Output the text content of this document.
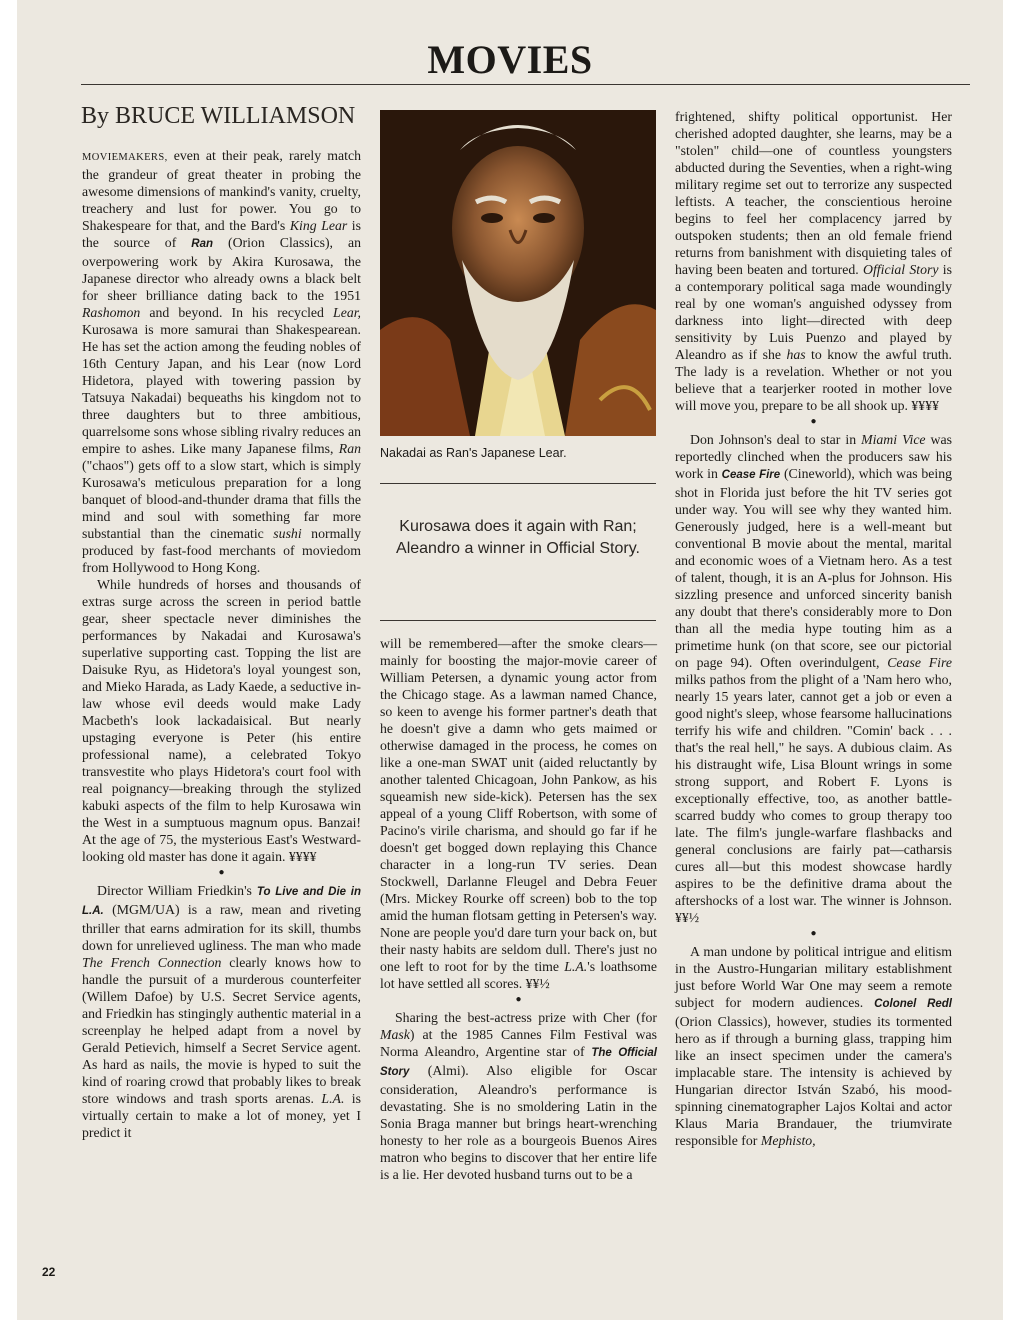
MOVIES
By BRUCE WILLIAMSON

MOVIEMAKERS, even at their peak, rarely match the grandeur of great theater in probing the awesome dimensions of mankind's vanity, cruelty, treachery and lust for power. You go to Shakespeare for that, and the Bard's King Lear is the source of Ran (Orion Classics), an overpowering work by Akira Kurosawa, the Japanese director who already owns a black belt for sheer brilliance dating back to the 1951 Rashomon and beyond. In his recycled Lear, Kurosawa is more samurai than Shakespearean. He has set the action among the feuding nobles of 16th Century Japan, and his Lear (now Lord Hidetora, played with towering passion by Tatsuya Nakadai) bequeaths his kingdom not to three daughters but to three ambitious, quarrelsome sons whose sibling rivalry reduces an empire to ashes. Like many Japanese films, Ran ("chaos") gets off to a slow start, which is simply Kurosawa's meticulous preparation for a long banquet of blood-and-thunder drama that fills the mind and soul with something far more substantial than the cinematic sushi normally produced by fast-food merchants of moviedom from Hollywood to Hong Kong.

While hundreds of horses and thousands of extras surge across the screen in period battle gear, sheer spectacle never diminishes the performances by Nakadai and Kurosawa's superlative supporting cast. Topping the list are Daisuke Ryu, as Hidetora's loyal youngest son, and Mieko Harada, as Lady Kaede, a seductive in-law whose evil deeds would make Lady Macbeth's look lackadaisical. But nearly upstaging everyone is Peter (his entire professional name), a celebrated Tokyo transvestite who plays Hidetora's court fool with real poignancy—breaking through the stylized kabuki aspects of the film to help Kurosawa win the West in a sumptuous magnum opus. Banzai! At the age of 75, the mysterious East's Westward-looking old master has done it again. ¥¥¥¥

●

Director William Friedkin's To Live and Die in L.A. (MGM/UA) is a raw, mean and riveting thriller that earns admiration for its skill, thumbs down for unrelieved ugliness. The man who made The French Connection clearly knows how to handle the pursuit of a murderous counterfeiter (Willem Dafoe) by U.S. Secret Service agents, and Friedkin has stingingly authentic material in a screenplay he helped adapt from a novel by Gerald Petievich, himself a Secret Service agent. As hard as nails, the movie is hyped to suit the kind of roaring crowd that probably likes to break store windows and trash sports arenas. L.A. is virtually certain to make a lot of money, yet I predict it

Nakadai as Ran's Japanese Lear.
Kurosawa does it again with Ran; Aleandro a winner in Official Story.

will be remembered—after the smoke clears—mainly for boosting the major-movie career of William Petersen, a dynamic young actor from the Chicago stage. As a lawman named Chance, so keen to avenge his former partner's death that he doesn't give a damn who gets maimed or otherwise damaged in the process, he comes on like a one-man SWAT unit (aided reluctantly by another talented Chicagoan, John Pankow, as his squeamish new side-kick). Petersen has the sex appeal of a young Cliff Robertson, with some of Pacino's virile charisma, and should go far if he doesn't get bogged down replaying this Chance character in a long-run TV series. Dean Stockwell, Darlanne Fleugel and Debra Feuer (Mrs. Mickey Rourke off screen) bob to the top amid the human flotsam getting in Petersen's way. None are people you'd dare turn your back on, but their nasty habits are seldom dull. There's just no one left to root for by the time L.A.'s loathsome lot have settled all scores. ¥¥½

●

Sharing the best-actress prize with Cher (for Mask) at the 1985 Cannes Film Festival was Norma Aleandro, Argentine star of The Official Story (Almi). Also eligible for Oscar consideration, Aleandro's performance is devastating. She is no smoldering Latin in the Sonia Braga manner but brings heart-wrenching honesty to her role as a bourgeois Buenos Aires matron who begins to discover that her entire life is a lie. Her devoted husband turns out to be a

frightened, shifty political opportunist. Her cherished adopted daughter, she learns, may be a "stolen" child—one of countless youngsters abducted during the Seventies, when a right-wing military regime set out to terrorize any suspected leftists. A teacher, the conscientious heroine begins to feel her complacency jarred by outspoken students; then an old female friend returns from banishment with disquieting tales of having been beaten and tortured. Official Story is a contemporary political saga made woundingly real by one woman's anguished odyssey from darkness into light—directed with deep sensitivity by Luis Puenzo and played by Aleandro as if she has to know the awful truth. The lady is a revelation. Whether or not you believe that a tearjerker rooted in mother love will move you, prepare to be all shook up. ¥¥¥¥

●

Don Johnson's deal to star in Miami Vice was reportedly clinched when the producers saw his work in Cease Fire (Cineworld), which was being shot in Florida just before the hit TV series got under way. You will see why they wanted him. Generously judged, here is a well-meant but conventional B movie about the mental, marital and economic woes of a Vietnam hero. As a test of talent, though, it is an A-plus for Johnson. His sizzling presence and unforced sincerity banish any doubt that there's considerably more to Don than all the media hype touting him as a primetime hunk (on that score, see our pictorial on page 94). Often overindulgent, Cease Fire milks pathos from the plight of a 'Nam hero who, nearly 15 years later, cannot get a job or even a good night's sleep, whose fearsome hallucinations terrify his wife and children. "Comin' back . . . that's the real hell," he says. A dubious claim. As his distraught wife, Lisa Blount wrings in some strong support, and Robert F. Lyons is exceptionally effective, too, as another battle-scarred buddy who comes to group therapy too late. The film's jungle-warfare flashbacks and general conclusions are fairly pat—catharsis cures all—but this modest showcase hardly aspires to be the definitive drama about the aftershocks of a lost war. The winner is Johnson. ¥¥½

●

A man undone by political intrigue and elitism in the Austro-Hungarian military establishment just before World War One may seem a remote subject for modern audiences. Colonel Redl (Orion Classics), however, studies its tormented hero as if through a burning glass, trapping him like an insect specimen under the camera's implacable stare. The intensity is achieved by Hungarian director István Szabó, his mood-spinning cinematographer Lajos Koltai and actor Klaus Maria Brandauer, the triumvirate responsible for Mephisto,

22
